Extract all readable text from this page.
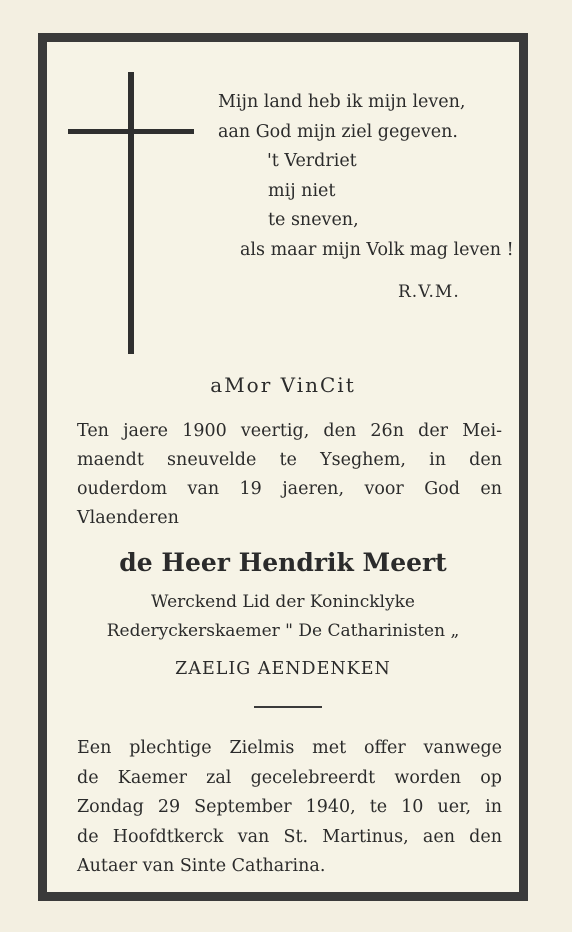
Mijn land heb ik mijn leven,
aan God mijn ziel gegeven.
't Verdriet
mij niet
te sneven,
als maar mijn Volk mag leven !
R.V.M.
aMor VinCit
Ten jaere 1900 veertig, den 26n der Mei-
maendt sneuvelde te Yseghem, in den
ouderdom van 19 jaeren, voor God en
Vlaenderen
de Heer Hendrik Meert
Werckend Lid der Konincklyke
Rederyckerskaemer " De Catharinisten „
ZAELIG AENDENKEN
Een plechtige Zielmis met offer vanwege
de Kaemer zal gecelebreerdt worden op
Zondag 29 September 1940, te 10 uer, in
de Hoofdtkerck van St. Martinus, aen den
Autaer van Sinte Catharina.
